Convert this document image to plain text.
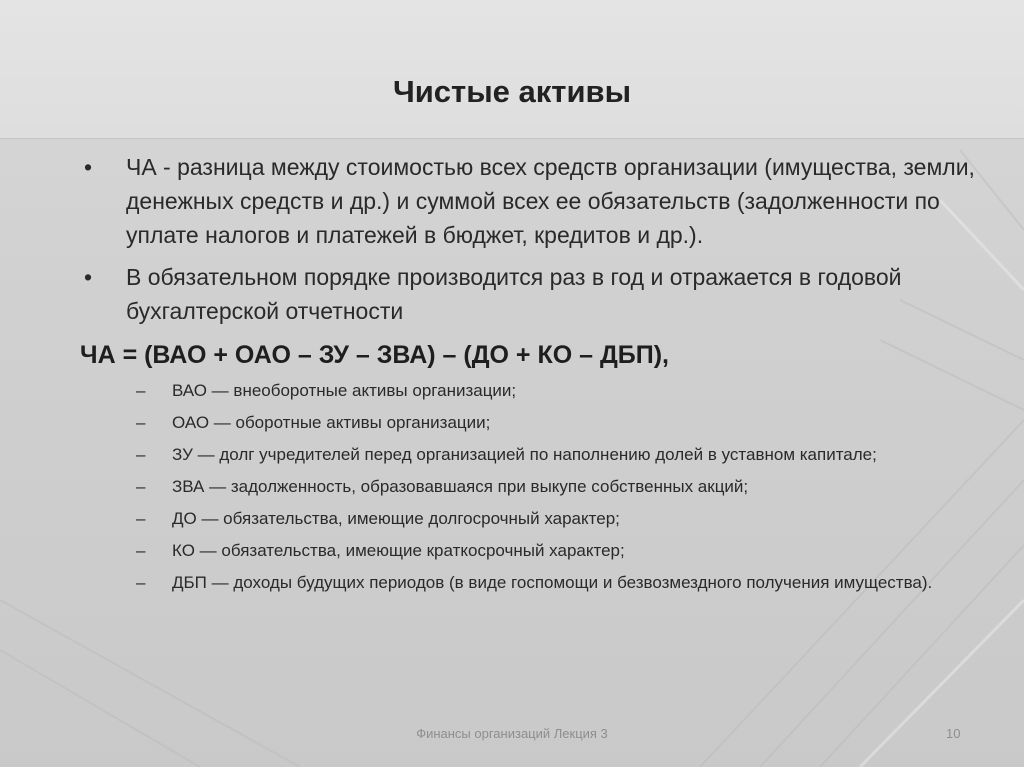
Чистые активы
• ЧА - разница между стоимостью всех средств организации (имущества, земли, денежных средств и др.) и суммой всех ее обязательств (задолженности по уплате налогов и платежей в бюджет, кредитов и др.).
• В обязательном порядке производится раз в год и отражается в годовой бухгалтерской отчетности
ЧА = (ВАО + ОАО – ЗУ – ЗВА) – (ДО + КО – ДБП),
– ВАО — внеоборотные активы организации;
– ОАО — оборотные активы организации;
– ЗУ — долг учредителей перед организацией по наполнению долей в уставном капитале;
– ЗВА — задолженность, образовавшаяся при выкупе собственных акций;
– ДО — обязательства, имеющие долгосрочный характер;
– КО — обязательства, имеющие краткосрочный характер;
– ДБП — доходы будущих периодов (в виде госпомощи и безвозмездного получения имущества).
Финансы организаций Лекция 3	10
